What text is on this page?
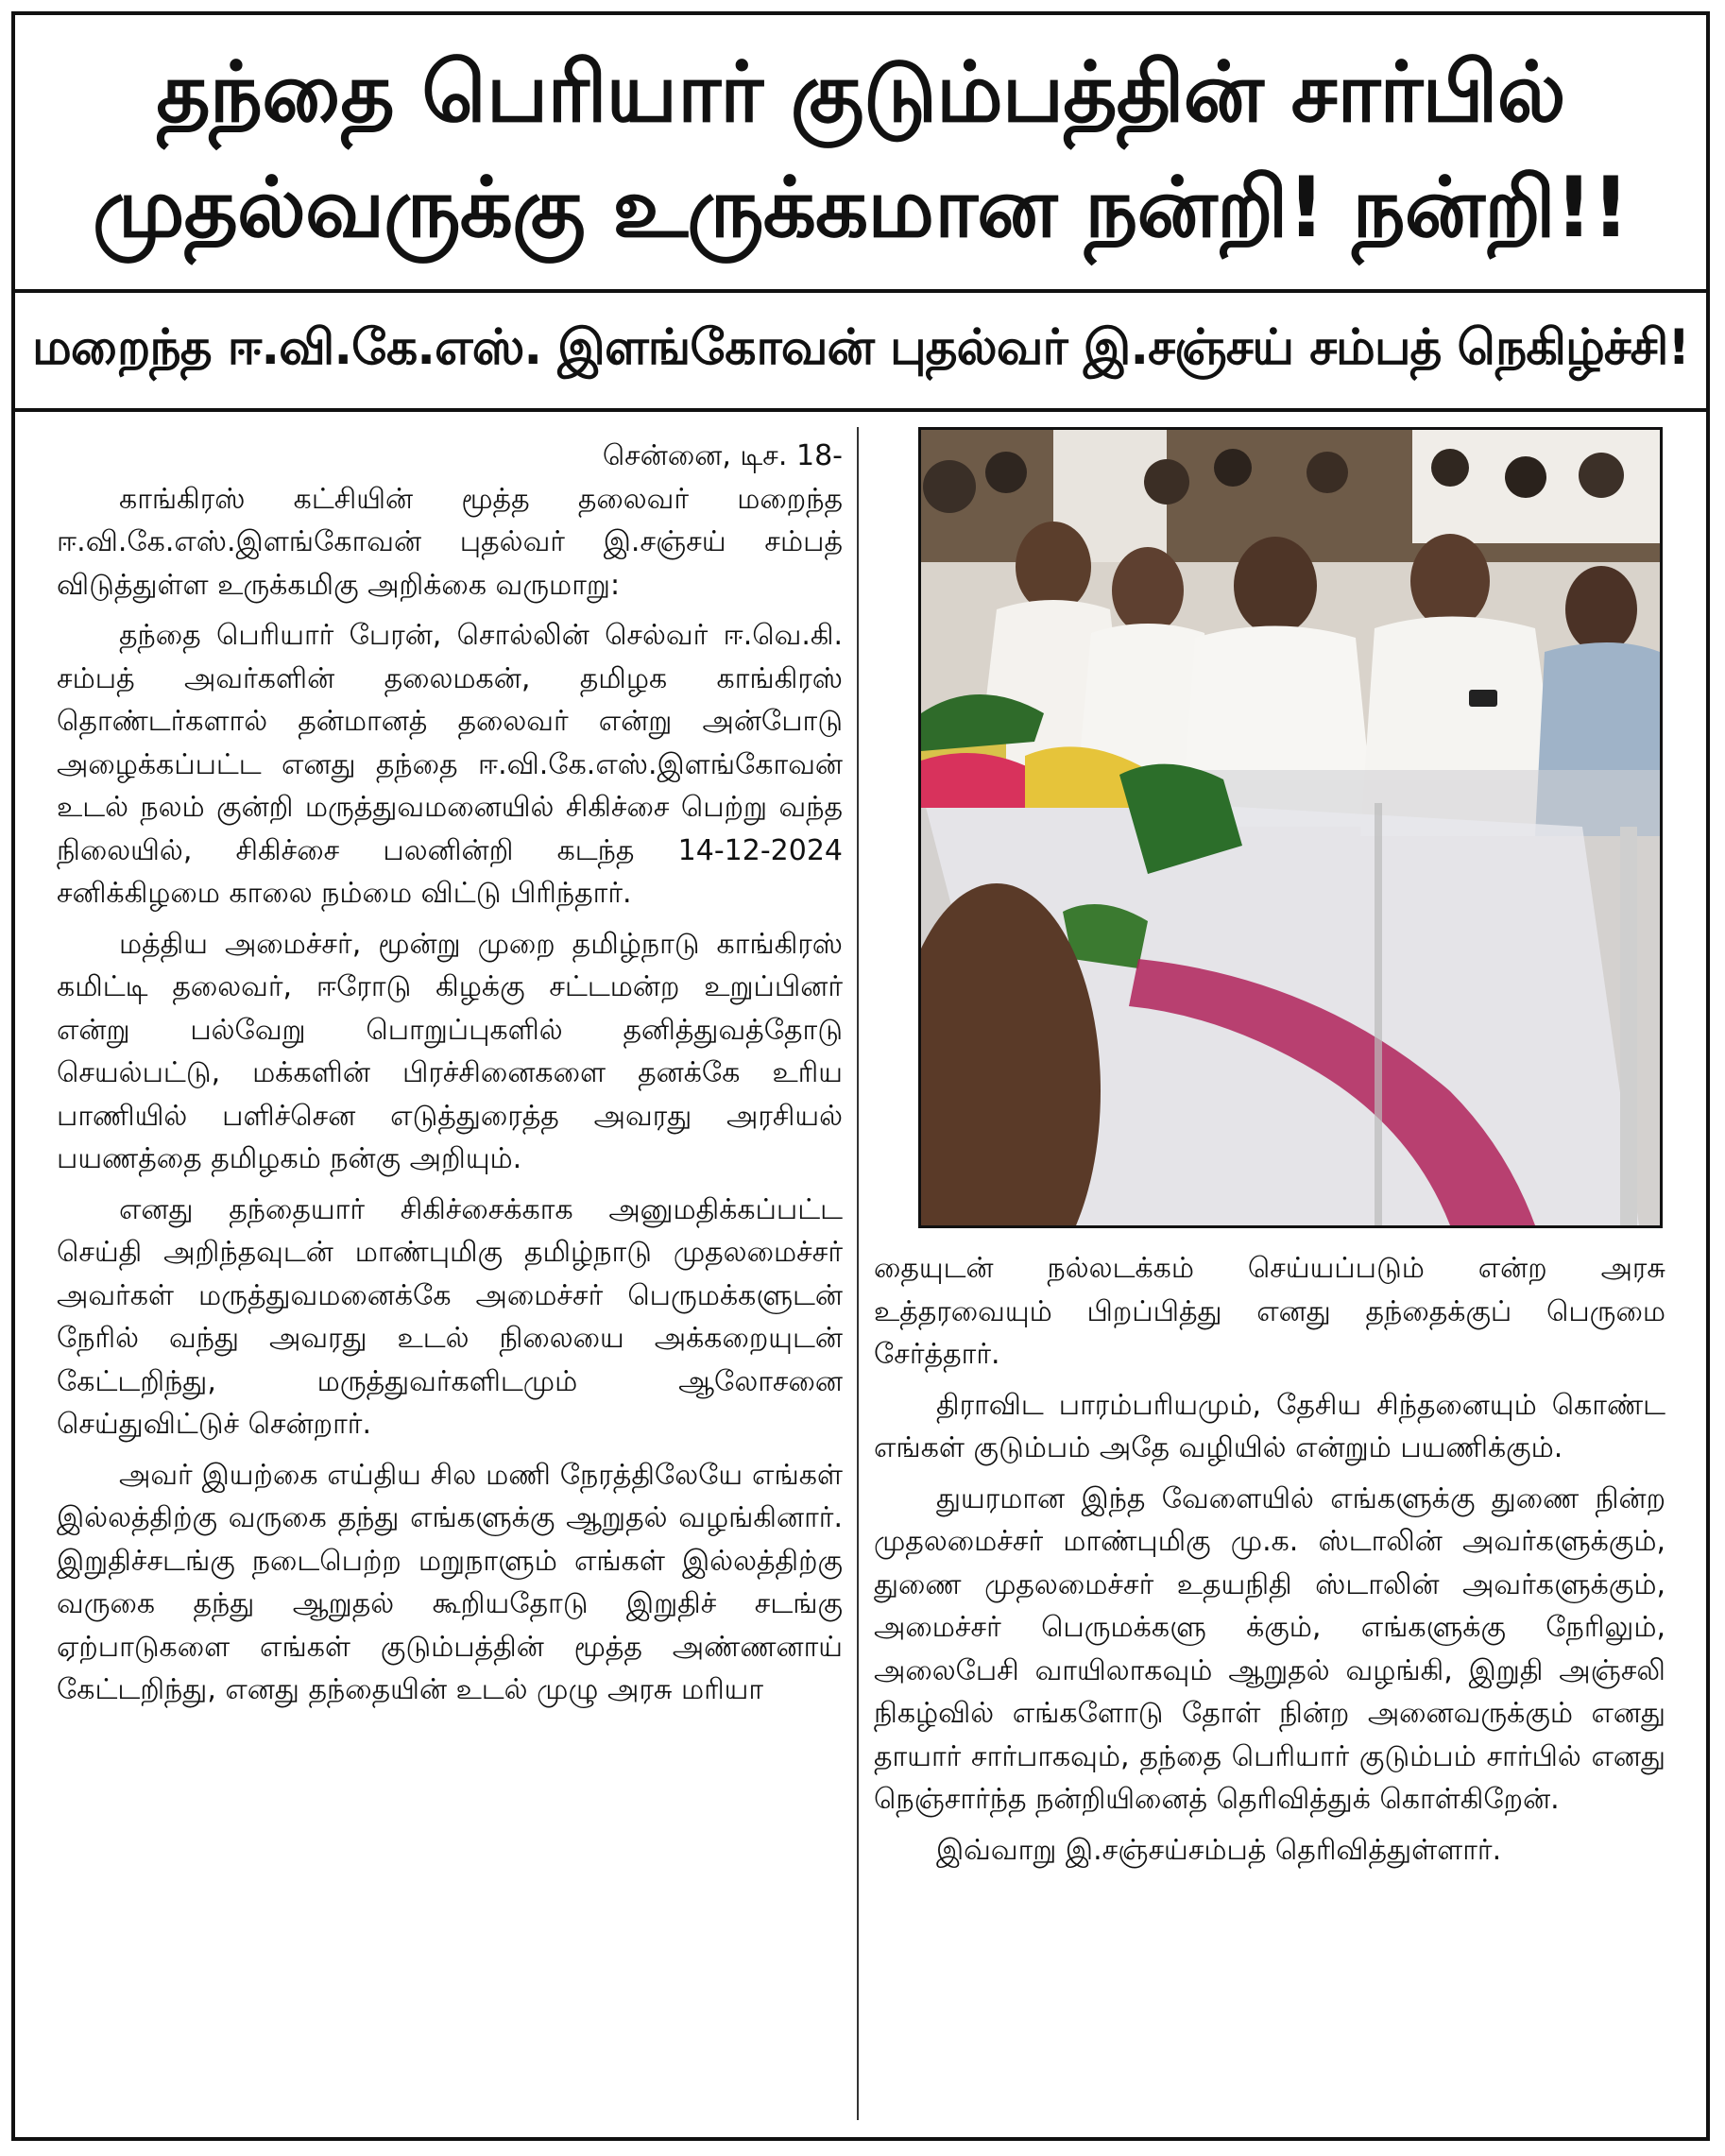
தந்தை பெரியார் குடும்பத்தின் சார்பில்
முதல்வருக்கு உருக்கமான நன்றி! நன்றி!!
மறைந்த ஈ.வி.கே.எஸ். இளங்கோவன் புதல்வர் இ.சஞ்சய் சம்பத் நெகிழ்ச்சி!

சென்னை, டிச. 18-

காங்கிரஸ் கட்சியின் மூத்த தலைவர் மறைந்த ஈ.வி.கே.எஸ்.இளங்கோவன் புதல்வர் இ.சஞ்சய் சம்பத் விடுத்துள்ள உருக்கமிகு அறிக்கை வருமாறு:

தந்தை பெரியார் பேரன், சொல்லின் செல்வர் ஈ.வெ.கி. சம்பத் அவர்களின் தலைமகன், தமிழக காங்கிரஸ் தொண்டர்களால் தன்மானத் தலைவர் என்று அன்போடு அழைக்கப்பட்ட எனது தந்தை ஈ.வி.கே.எஸ்.இளங்கோவன் உடல் நலம் குன்றி மருத்துவமனையில் சிகிச்சை பெற்று வந்த நிலையில், சிகிச்சை பலனின்றி கடந்த 14-12-2024 சனிக்கிழமை காலை நம்மை விட்டு பிரிந்தார்.

மத்திய அமைச்சர், மூன்று முறை தமிழ்நாடு காங்கிரஸ் கமிட்டி தலைவர், ஈரோடு கிழக்கு சட்டமன்ற உறுப்பினர் என்று பல்வேறு பொறுப்புகளில் தனித்துவத்தோடு செயல்பட்டு, மக்களின் பிரச்சினைகளை தனக்கே உரிய பாணியில் பளிச்சென எடுத்துரைத்த அவரது அரசியல் பயணத்தை தமிழகம் நன்கு அறியும்.

எனது தந்தையார் சிகிச்சைக்காக அனுமதிக்கப்பட்ட செய்தி அறிந்தவுடன் மாண்புமிகு தமிழ்நாடு முதலமைச்சர் அவர்கள் மருத்துவமனைக்கே அமைச்சர் பெருமக்களுடன் நேரில் வந்து அவரது உடல் நிலையை அக்கறையுடன் கேட்டறிந்து, மருத்துவர்களிடமும் ஆலோசனை செய்துவிட்டுச் சென்றார்.

அவர் இயற்கை எய்திய சில மணி நேரத்திலேயே எங்கள் இல்லத்திற்கு வருகை தந்து எங்களுக்கு ஆறுதல் வழங்கினார். இறுதிச்சடங்கு நடைபெற்ற மறுநாளும் எங்கள் இல்லத்திற்கு வருகை தந்து ஆறுதல் கூறியதோடு இறுதிச் சடங்கு ஏற்பாடுகளை எங்கள் குடும்பத்தின் மூத்த அண்ணனாய் கேட்டறிந்து, எனது தந்தையின் உடல் முழு அரசு மரியா

தையுடன் நல்லடக்கம் செய்யப்படும் என்ற அரசு உத்தரவையும் பிறப்பித்து எனது தந்தைக்குப் பெருமை சேர்த்தார்.

திராவிட பாரம்பரியமும், தேசிய சிந்தனையும் கொண்ட எங்கள் குடும்பம் அதே வழியில் என்றும் பயணிக்கும்.

துயரமான இந்த வேளையில் எங்களுக்கு துணை நின்ற முதலமைச்சர் மாண்புமிகு மு.க. ஸ்டாலின் அவர்களுக்கும், துணை முதலமைச்சர் உதயநிதி ஸ்டாலின் அவர்களுக்கும், அமைச்சர் பெருமக்களு க்கும், எங்களுக்கு நேரிலும், அலைபேசி வாயிலாகவும் ஆறுதல் வழங்கி, இறுதி அஞ்சலி நிகழ்வில் எங்களோடு தோள் நின்ற அனைவருக்கும் எனது தாயார் சார்பாகவும், தந்தை பெரியார் குடும்பம் சார்பில் எனது நெஞ்சார்ந்த நன்றியினைத் தெரிவித்துக் கொள்கிறேன்.

இவ்வாறு இ.சஞ்சய்சம்பத் தெரிவித்துள்ளார்.
